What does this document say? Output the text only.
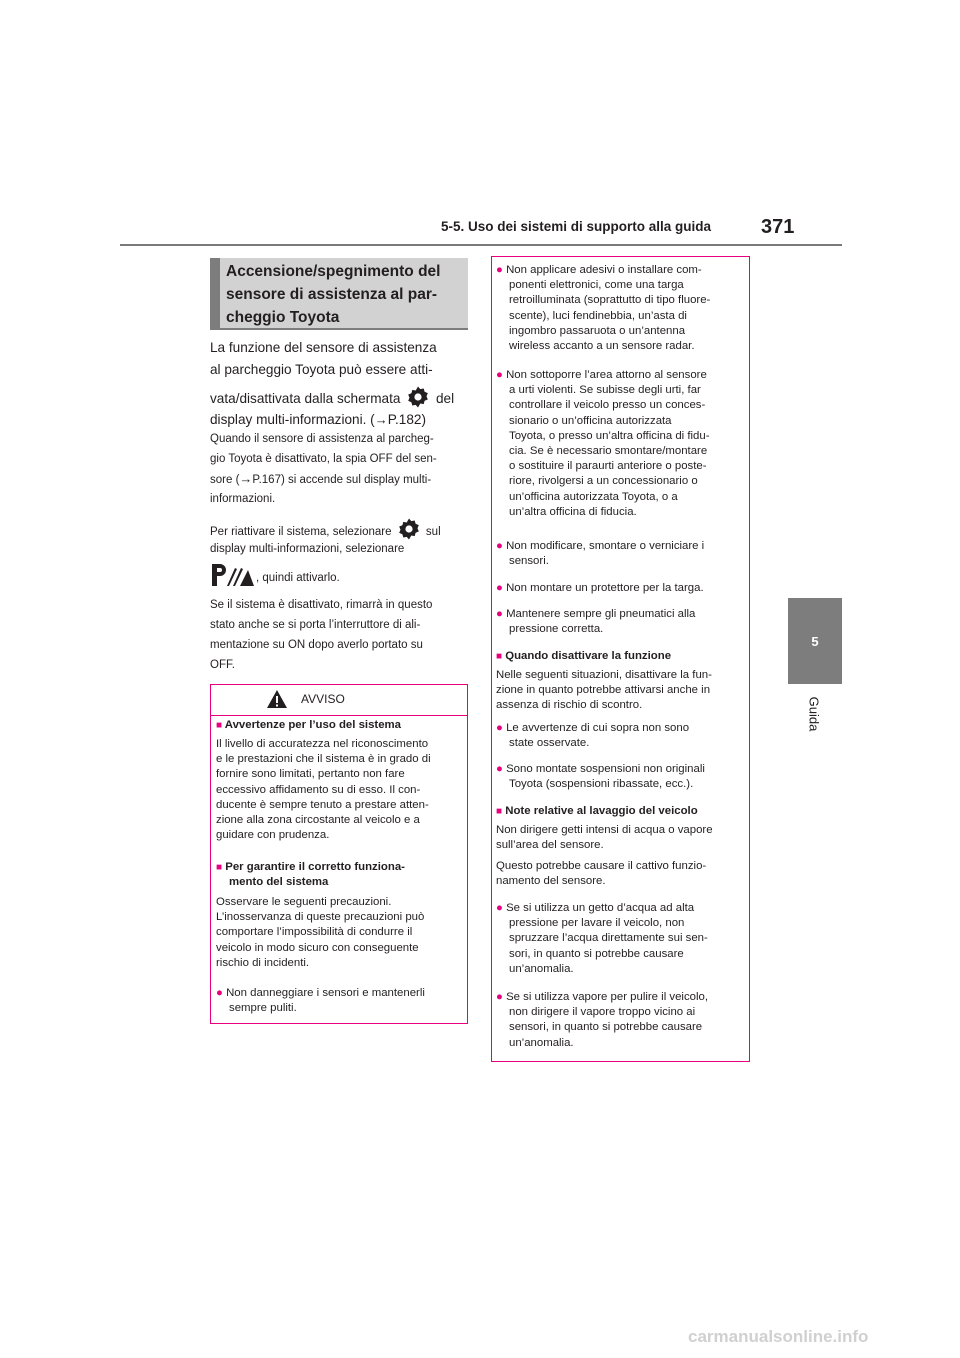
5-5. Uso dei sistemi di supporto alla guida 371
5
Guida
Accensione/spegnimento del
sensore di assistenza al par-
cheggio Toyota
La funzione del sensore di assistenza
al parcheggio Toyota può essere atti-
vata/disattivata dalla schermata	del
display multi-informazioni. (→P.182)
Quando il sensore di assistenza al parcheg-
gio Toyota è disattivato, la spia OFF del sen-
sore (→P.167) si accende sul display multi-
informazioni.
Per riattivare il sistema, selezionare	sul
display multi-informazioni, selezionare
, quindi attivarlo.
Se il sistema è disattivato, rimarrà in questo
stato anche se si porta l’interruttore di ali-
mentazione su ON dopo averlo portato su
OFF.
AVVISO
■ Avvertenze per l’uso del sistema
Il livello di accuratezza nel riconoscimento
e le prestazioni che il sistema è in grado di
fornire sono limitati, pertanto non fare
eccessivo affidamento su di esso. Il con-
ducente è sempre tenuto a prestare atten-
zione alla zona circostante al veicolo e a
guidare con prudenza.
■ Per garantire il corretto funziona-
mento del sistema
Osservare le seguenti precauzioni.
L’inosservanza di queste precauzioni può
comportare l’impossibilità di condurre il
veicolo in modo sicuro con conseguente
rischio di incidenti.
● Non danneggiare i sensori e mantenerli
sempre puliti.
● Non applicare adesivi o installare com-
ponenti elettronici, come una targa
retroilluminata (soprattutto di tipo fluore-
scente), luci fendinebbia, un’asta di
ingombro passaruota o un’antenna
wireless accanto a un sensore radar.
● Non sottoporre l’area attorno al sensore
a urti violenti. Se subisse degli urti, far
controllare il veicolo presso un conces-
sionario o un’officina autorizzata
Toyota, o presso un’altra officina di fidu-
cia. Se è necessario smontare/montare
o sostituire il paraurti anteriore o poste-
riore, rivolgersi a un concessionario o
un’officina autorizzata Toyota, o a
un’altra officina di fiducia.
● Non modificare, smontare o verniciare i
sensori.
● Non montare un protettore per la targa.
● Mantenere sempre gli pneumatici alla
pressione corretta.
■ Quando disattivare la funzione
Nelle seguenti situazioni, disattivare la fun-
zione in quanto potrebbe attivarsi anche in
assenza di rischio di scontro.
● Le avvertenze di cui sopra non sono
state osservate.
● Sono montate sospensioni non originali
Toyota (sospensioni ribassate, ecc.).
■ Note relative al lavaggio del veicolo
Non dirigere getti intensi di acqua o vapore
sull’area del sensore.
Questo potrebbe causare il cattivo funzio-
namento del sensore.
● Se si utilizza un getto d’acqua ad alta
pressione per lavare il veicolo, non
spruzzare l’acqua direttamente sui sen-
sori, in quanto si potrebbe causare
un’anomalia.
● Se si utilizza vapore per pulire il veicolo,
non dirigere il vapore troppo vicino ai
sensori, in quanto si potrebbe causare
un’anomalia.
carmanualsonline.info
